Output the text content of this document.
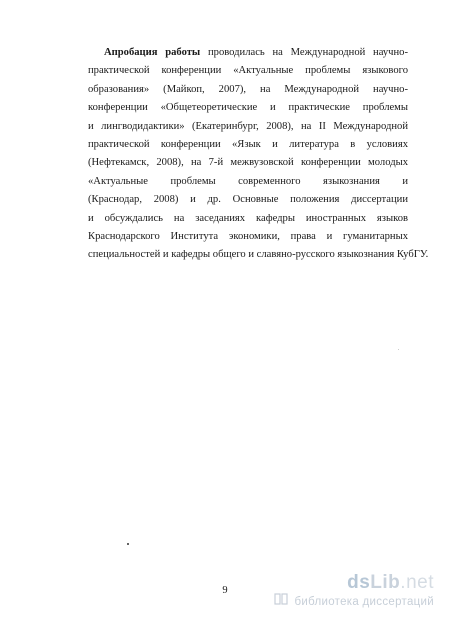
Апробация работы проводилась на Международной научно-
практической конференции «Актуальные проблемы языкового
образования» (Майкоп, 2007), на Международной научно-
конференции «Общетеоретические и практические проблемы
и лингводидактики» (Екатеринбург, 2008), на II Международной
практической конференции «Язык и литература в условиях
(Нефтекамск, 2008), на 7-й межвузовской конференции молодых
«Актуальные проблемы современного языкознания и
(Краснодар, 2008) и др. Основные положения диссертации
и обсуждались на заседаниях кафедры иностранных языков
Краснодарского Института экономики, права и гуманитарных
специальностей и кафедры общего и славяно-русского языкознания КубГУ.
9	dsLib.net
библиотека диссертаций
